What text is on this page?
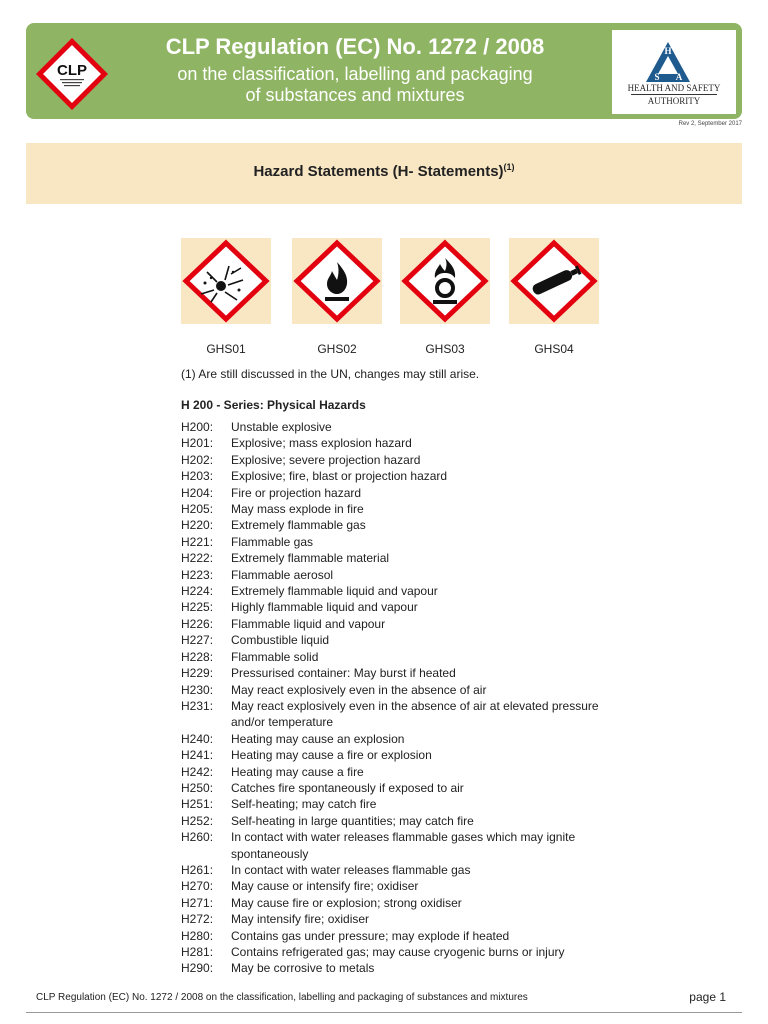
CLP
CLP Regulation (EC) No. 1272 / 2008
on the classification, labelling and packaging
of substances and mixtures
H
S A
HEALTH AND SAFETY
AUTHORITY
Rev 2, September 2017
Hazard Statements (H- Statements)$^{(1)}$
GHS01	GHS02	GHS03	GHS04
(1) Are still discussed in the UN, changes may still arise.
H 200 - Series: Physical Hazards
H200:	Unstable explosive
H201:	Explosive; mass explosion hazard
H202:	Explosive; severe projection hazard
H203:	Explosive; fire, blast or projection hazard
H204:	Fire or projection hazard
H205:	May mass explode in fire
H220:	Extremely flammable gas
H221:	Flammable gas
H222:	Extremely flammable material
H223:	Flammable aerosol
H224:	Extremely flammable liquid and vapour
H225:	Highly flammable liquid and vapour
H226:	Flammable liquid and vapour
H227:	Combustible liquid
H228:	Flammable solid
H229:	Pressurised container: May burst if heated
H230:	May react explosively even in the absence of air
H231:	May react explosively even in the absence of air at elevated pressure and/or temperature
H240:	Heating may cause an explosion
H241:	Heating may cause a fire or explosion
H242:	Heating may cause a fire
H250:	Catches fire spontaneously if exposed to air
H251:	Self-heating; may catch fire
H252:	Self-heating in large quantities; may catch fire
H260:	In contact with water releases flammable gases which may ignite spontaneously
H261:	In contact with water releases flammable gas
H270:	May cause or intensify fire; oxidiser
H271:	May cause fire or explosion; strong oxidiser
H272:	May intensify fire; oxidiser
H280:	Contains gas under pressure; may explode if heated
H281:	Contains refrigerated gas; may cause cryogenic burns or injury
H290:	May be corrosive to metals
CLP Regulation (EC) No. 1272 / 2008 on the classification, labelling and packaging of substances and mixtures	page 1
